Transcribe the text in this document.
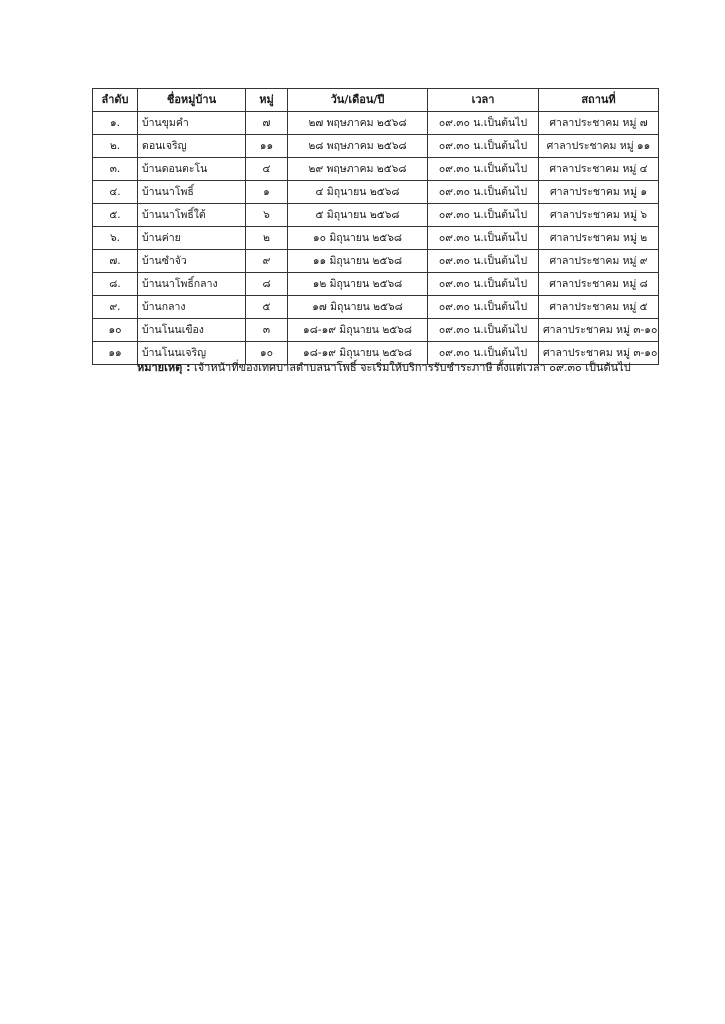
ลำดับ	ชื่อหมู่บ้าน	หมู่	วัน/เดือน/ปี	เวลา	สถานที่
๑.	บ้านขุมคำ	๗	๒๗ พฤษภาคม ๒๕๖๘	๐๙.๓๐ น.เป็นต้นไป	ศาลาประชาคม หมู่ ๗
๒.	ดอนเจริญ	๑๑	๒๘ พฤษภาคม ๒๕๖๘	๐๙.๓๐ น.เป็นต้นไป	ศาลาประชาคม หมู่ ๑๑
๓.	บ้านดอนตะโน	๔	๒๙ พฤษภาคม ๒๕๖๘	๐๙.๓๐ น.เป็นต้นไป	ศาลาประชาคม หมู่ ๔
๔.	บ้านนาโพธิ์	๑	๔ มิถุนายน ๒๕๖๘	๐๙.๓๐ น.เป็นต้นไป	ศาลาประชาคม หมู่ ๑
๕.	บ้านนาโพธิ์ใต้	๖	๕ มิถุนายน ๒๕๖๘	๐๙.๓๐ น.เป็นต้นไป	ศาลาประชาคม หมู่ ๖
๖.	บ้านค่าย	๒	๑๐ มิถุนายน ๒๕๖๘	๐๙.๓๐ น.เป็นต้นไป	ศาลาประชาคม หมู่ ๒
๗.	บ้านซำจัว	๙	๑๑ มิถุนายน ๒๕๖๘	๐๙.๓๐ น.เป็นต้นไป	ศาลาประชาคม หมู่ ๙
๘.	บ้านนาโพธิ์กลาง	๘	๑๒ มิถุนายน ๒๕๖๘	๐๙.๓๐ น.เป็นต้นไป	ศาลาประชาคม หมู่ ๘
๙.	บ้านกลาง	๕	๑๗ มิถุนายน ๒๕๖๘	๐๙.๓๐ น.เป็นต้นไป	ศาลาประชาคม หมู่ ๕
๑๐	บ้านโนนเขือง	๓	๑๘-๑๙ มิถุนายน ๒๕๖๘	๐๙.๓๐ น.เป็นต้นไป	ศาลาประชาคม หมู่ ๓-๑๐
๑๑	บ้านโนนเจริญ	๑๐	๑๘-๑๙ มิถุนายน ๒๕๖๘	๐๙.๓๐ น.เป็นต้นไป	ศาลาประชาคม หมู่ ๓-๑๐
หมายเหตุ : เจ้าหน้าที่ของเทศบาลตำบลนาโพธิ์ จะเริ่มให้บริการรับชำระภาษี ตั้งแต่เวลา ๐๙.๓๐ เป็นต้นไป
